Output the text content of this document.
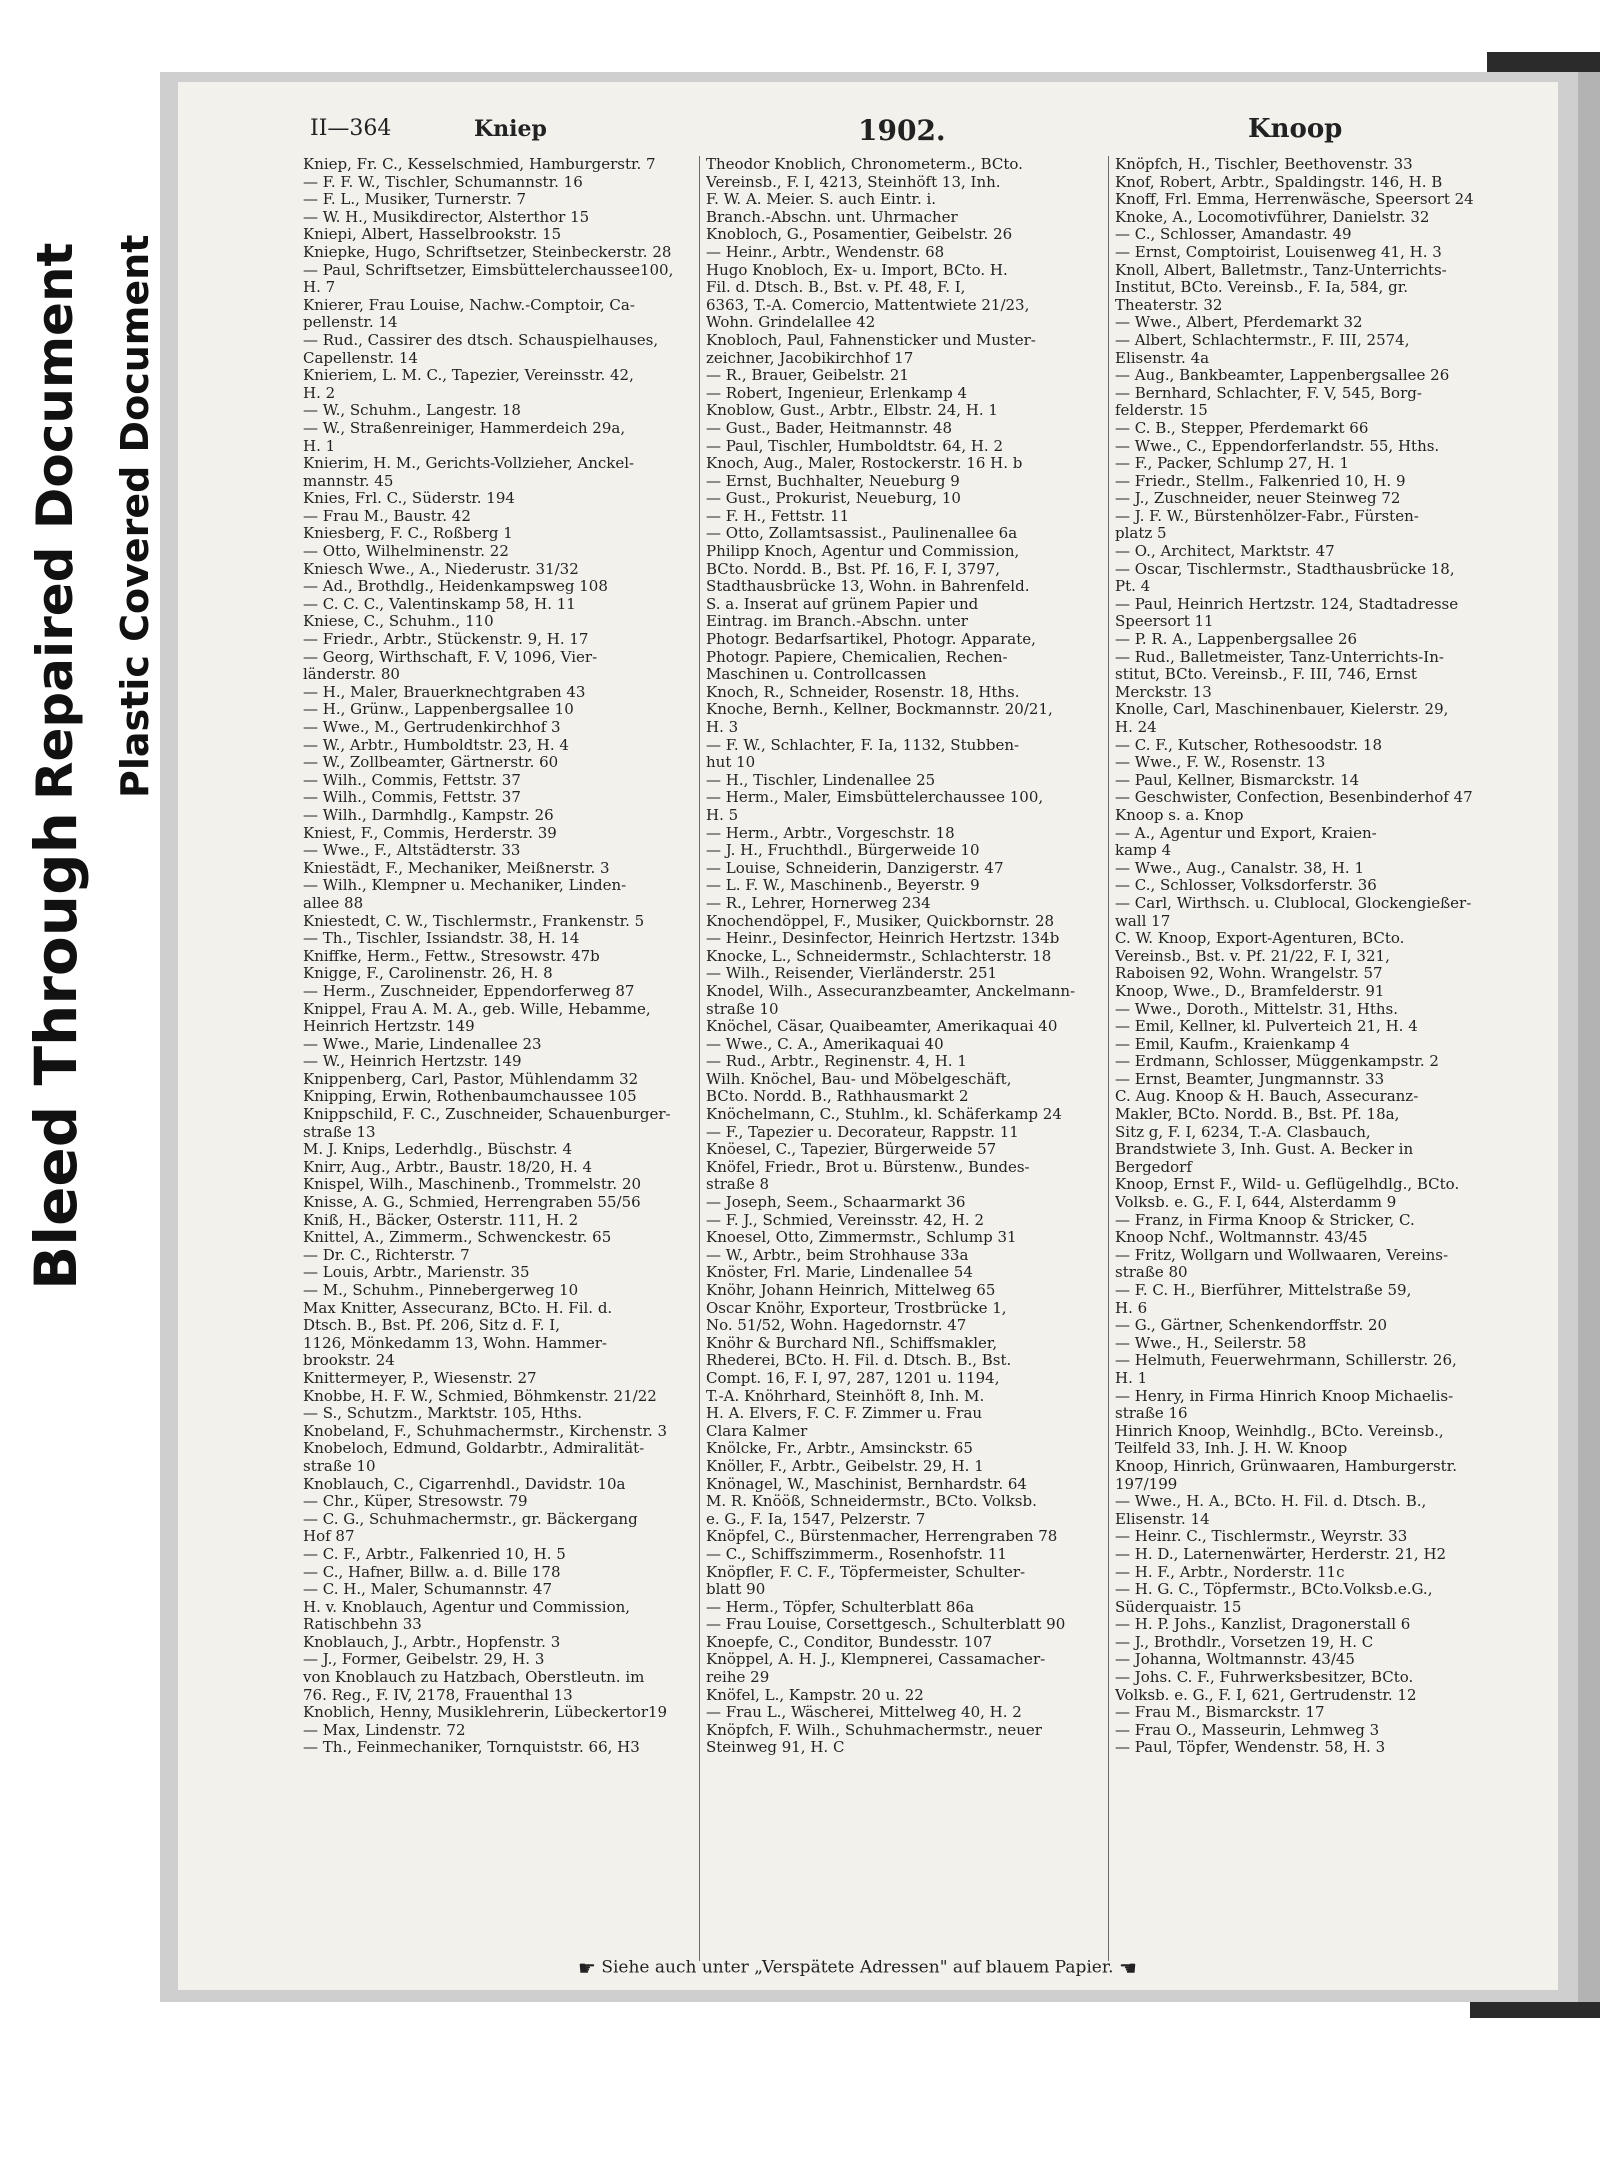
Bleed Through
Repaired Document Plastic Covered Document
II—364	Kniep	1902.	Knoop
Kniep, Fr. C., Kesselschmied, Hamburgerstr. 7
— F. F. W., Tischler, Schumannstr. 16
— F. L., Musiker, Turnerstr. 7
— W. H., Musikdirector, Alsterthor 15
Kniepi, Albert, Hasselbrookstr. 15
Kniepke, Hugo, Schriftsetzer, Steinbeckerstr. 28
— Paul, Schriftsetzer, Eimsbüttelerchaussee100,
H. 7
Knierer, Frau Louise, Nachw.-Comptoir, Ca-
pellenstr. 14
— Rud., Cassirer des dtsch. Schauspielhauses,
Capellenstr. 14
Knieriem, L. M. C., Tapezier, Vereinsstr. 42,
H. 2
— W., Schuhm., Langestr. 18
— W., Straßenreiniger, Hammerdeich 29a,
H. 1
Knierim, H. M., Gerichts-Vollzieher, Anckel-
mannstr. 45
Knies, Frl. C., Süderstr. 194
— Frau M., Baustr. 42
Kniesberg, F. C., Roßberg 1
— Otto, Wilhelminenstr. 22
Kniesch Wwe., A., Niederustr. 31/32
— Ad., Brothdlg., Heidenkampsweg 108
— C. C. C., Valentinskamp 58, H. 11
Kniese, C., Schuhm., 110
— Friedr., Arbtr., Stückenstr. 9, H. 17
— Georg, Wirthschaft, F. V, 1096, Vier-
länderstr. 80
— H., Maler, Brauerknechtgraben 43
— H., Grünw., Lappenbergsallee 10
— Wwe., M., Gertrudenkirchhof 3
— W., Arbtr., Humboldtstr. 23, H. 4
— W., Zollbeamter, Gärtnerstr. 60
— Wilh., Commis, Fettstr. 37
— Wilh., Commis, Fettstr. 37
— Wilh., Darmhdlg., Kampstr. 26
Kniest, F., Commis, Herderstr. 39
— Wwe., F., Altstädterstr. 33
Kniestädt, F., Mechaniker, Meißnerstr. 3
— Wilh., Klempner u. Mechaniker, Linden-
allee 88
Kniestedt, C. W., Tischlermstr., Frankenstr. 5
— Th., Tischler, Issiandstr. 38, H. 14
Kniffke, Herm., Fettw., Stresowstr. 47b
Knigge, F., Carolinenstr. 26, H. 8
— Herm., Zuschneider, Eppendorferweg 87
Knippel, Frau A. M. A., geb. Wille, Hebamme,
Heinrich Hertzstr. 149
— Wwe., Marie, Lindenallee 23
— W., Heinrich Hertzstr. 149
Knippenberg, Carl, Pastor, Mühlendamm 32
Knipping, Erwin, Rothenbaumchaussee 105
Knippschild, F. C., Zuschneider, Schauenburger-
straße 13
M. J. Knips, Lederhdlg., Büschstr. 4
Knirr, Aug., Arbtr., Baustr. 18/20, H. 4
Knispel, Wilh., Maschinenb., Trommelstr. 20
Knisse, A. G., Schmied, Herrengraben 55/56
Kniß, H., Bäcker, Osterstr. 111, H. 2
Knittel, A., Zimmerm., Schwenckestr. 65
— Dr. C., Richterstr. 7
— Louis, Arbtr., Marienstr. 35
— M., Schuhm., Pinnebergerweg 10
Max Knitter, Assecuranz, BCto. H. Fil. d.
Dtsch. B., Bst. Pf. 206, Sitz d. F. I,
1126, Mönkedamm 13, Wohn. Hammer-
brookstr. 24
Knittermeyer, P., Wiesenstr. 27
Knobbe, H. F. W., Schmied, Böhmkenstr. 21/22
— S., Schutzm., Marktstr. 105, Hths.
Knobeland, F., Schuhmachermstr., Kirchenstr. 3
Knobeloch, Edmund, Goldarbtr., Admiralität-
straße 10
Knoblauch, C., Cigarrenhdl., Davidstr. 10a
— Chr., Küper, Stresowstr. 79
— C. G., Schuhmachermstr., gr. Bäckergang
Hof 87
— C. F., Arbtr., Falkenried 10, H. 5
— C., Hafner, Billw. a. d. Bille 178
— C. H., Maler, Schumannstr. 47
H. v. Knoblauch, Agentur und Commission,
Ratischbehn 33
Knoblauch, J., Arbtr., Hopfenstr. 3
— J., Former, Geibelstr. 29, H. 3
von Knoblauch zu Hatzbach, Oberstleutn. im
76. Reg., F. IV, 2178, Frauenthal 13
Knoblich, Henny, Musiklehrerin, Lübeckertor19
— Max, Lindenstr. 72
— Th., Feinmechaniker, Tornquiststr. 66, H3
Theodor Knoblich, Chronometerm., BCto.
Vereinsb., F. I, 4213, Steinhöft 13, Inh.
F. W. A. Meier. S. auch Eintr. i.
Branch.-Abschn. unt. Uhrmacher
Knobloch, G., Posamentier, Geibelstr. 26
— Heinr., Arbtr., Wendenstr. 68
Hugo Knobloch, Ex- u. Import, BCto. H.
Fil. d. Dtsch. B., Bst. v. Pf. 48, F. I,
6363, T.-A. Comercio, Mattentwiete 21/23,
Wohn. Grindelallee 42
Knobloch, Paul, Fahnensticker und Muster-
zeichner, Jacobikirchhof 17
— R., Brauer, Geibelstr. 21
— Robert, Ingenieur, Erlenkamp 4
Knoblow, Gust., Arbtr., Elbstr. 24, H. 1
— Gust., Bader, Heitmannstr. 48
— Paul, Tischler, Humboldtstr. 64, H. 2
Knoch, Aug., Maler, Rostockerstr. 16 H. b
— Ernst, Buchhalter, Neueburg 9
— Gust., Prokurist, Neueburg, 10
— F. H., Fettstr. 11
— Otto, Zollamtsassist., Paulinenallee 6a
Philipp Knoch, Agentur und Commission,
BCto. Nordd. B., Bst. Pf. 16, F. I, 3797,
Stadthausbrücke 13, Wohn. in Bahrenfeld.
S. a. Inserat auf grünem Papier und
Eintrag. im Branch.-Abschn. unter
Photogr. Bedarfsartikel, Photogr. Apparate,
Photogr. Papiere, Chemicalien, Rechen-
Maschinen u. Controllcassen
Knoch, R., Schneider, Rosenstr. 18, Hths.
Knoche, Bernh., Kellner, Bockmannstr. 20/21,
H. 3
— F. W., Schlachter, F. Ia, 1132, Stubben-
hut 10
— H., Tischler, Lindenallee 25
— Herm., Maler, Eimsbüttelerchaussee 100,
H. 5
— Herm., Arbtr., Vorgeschstr. 18
— J. H., Fruchthdl., Bürgerweide 10
— Louise, Schneiderin, Danzigerstr. 47
— L. F. W., Maschinenb., Beyerstr. 9
— R., Lehrer, Hornerweg 234
Knochendöppel, F., Musiker, Quickbornstr. 28
— Heinr., Desinfector, Heinrich Hertzstr. 134b
Knocke, L., Schneidermstr., Schlachterstr. 18
— Wilh., Reisender, Vierländerstr. 251
Knodel, Wilh., Assecuranzbeamter, Anckelmann-
straße 10
Knöchel, Cäsar, Quaibeamter, Amerikaquai 40
— Wwe., C. A., Amerikaquai 40
— Rud., Arbtr., Reginenstr. 4, H. 1
Wilh. Knöchel, Bau- und Möbelgeschäft,
BCto. Nordd. B., Rathhausmarkt 2
Knöchelmann, C., Stuhlm., kl. Schäferkamp 24
— F., Tapezier u. Decorateur, Rappstr. 11
Knöesel, C., Tapezier, Bürgerweide 57
Knöfel, Friedr., Brot u. Bürstenw., Bundes-
straße 8
— Joseph, Seem., Schaarmarkt 36
— F. J., Schmied, Vereinsstr. 42, H. 2
Knoesel, Otto, Zimmermstr., Schlump 31
— W., Arbtr., beim Strohhause 33a
Knöster, Frl. Marie, Lindenallee 54
Knöhr, Johann Heinrich, Mittelweg 65
Oscar Knöhr, Exporteur, Trostbrücke 1,
No. 51/52, Wohn. Hagedornstr. 47
Knöhr & Burchard Nfl., Schiffsmakler,
Rhederei, BCto. H. Fil. d. Dtsch. B., Bst.
Compt. 16, F. I, 97, 287, 1201 u. 1194,
T.-A. Knöhrhard, Steinhöft 8, Inh. M.
H. A. Elvers, F. C. F. Zimmer u. Frau
Clara Kalmer
Knölcke, Fr., Arbtr., Amsinckstr. 65
Knöller, F., Arbtr., Geibelstr. 29, H. 1
Knönagel, W., Maschinist, Bernhardstr. 64
M. R. Knööß, Schneidermstr., BCto. Volksb.
e. G., F. Ia, 1547, Pelzerstr. 7
Knöpfel, C., Bürstenmacher, Herrengraben 78
— C., Schiffszimmerm., Rosenhofstr. 11
Knöpfler, F. C. F., Töpfermeister, Schulter-
blatt 90
— Herm., Töpfer, Schulterblatt 86a
— Frau Louise, Corsettgesch., Schulterblatt 90
Knoepfe, C., Conditor, Bundesstr. 107
Knöppel, A. H. J., Klempnerei, Cassamacher-
reihe 29
Knöfel, L., Kampstr. 20 u. 22
— Frau L., Wäscherei, Mittelweg 40, H. 2
Knöpfch, F. Wilh., Schuhmachermstr., neuer
Steinweg 91, H. C
Knöpfch, H., Tischler, Beethovenstr. 33
Knof, Robert, Arbtr., Spaldingstr. 146, H. B
Knoff, Frl. Emma, Herrenwäsche, Speersort 24
Knoke, A., Locomotivführer, Danielstr. 32
— C., Schlosser, Amandastr. 49
— Ernst, Comptoirist, Louisenweg 41, H. 3
Knoll, Albert, Balletmstr., Tanz-Unterrichts-
Institut, BCto. Vereinsb., F. Ia, 584, gr.
Theaterstr. 32
— Wwe., Albert, Pferdemarkt 32
— Albert, Schlachtermstr., F. III, 2574,
Elisenstr. 4a
— Aug., Bankbeamter, Lappenbergsallee 26
— Bernhard, Schlachter, F. V, 545, Borg-
felderstr. 15
— C. B., Stepper, Pferdemarkt 66
— Wwe., C., Eppendorferlandstr. 55, Hths.
— F., Packer, Schlump 27, H. 1
— Friedr., Stellm., Falkenried 10, H. 9
— J., Zuschneider, neuer Steinweg 72
— J. F. W., Bürstenhölzer-Fabr., Fürsten-
platz 5
— O., Architect, Marktstr. 47
— Oscar, Tischlermstr., Stadthausbrücke 18,
Pt. 4
— Paul, Heinrich Hertzstr. 124, Stadtadresse
Speersort 11
— P. R. A., Lappenbergsallee 26
— Rud., Balletmeister, Tanz-Unterrichts-In-
stitut, BCto. Vereinsb., F. III, 746, Ernst
Merckstr. 13
Knolle, Carl, Maschinenbauer, Kielerstr. 29,
H. 24
— C. F., Kutscher, Rothesoodstr. 18
— Wwe., F. W., Rosenstr. 13
— Paul, Kellner, Bismarckstr. 14
— Geschwister, Confection, Besenbinderhof 47
Knoop s. a. Knop
— A., Agentur und Export, Kraien-
kamp 4
— Wwe., Aug., Canalstr. 38, H. 1
— C., Schlosser, Volksdorferstr. 36
— Carl, Wirthsch. u. Clublocal, Glockengießer-
wall 17
C. W. Knoop, Export-Agenturen, BCto.
Vereinsb., Bst. v. Pf. 21/22, F. I, 321,
Raboisen 92, Wohn. Wrangelstr. 57
Knoop, Wwe., D., Bramfelderstr. 91
— Wwe., Doroth., Mittelstr. 31, Hths.
— Emil, Kellner, kl. Pulverteich 21, H. 4
— Emil, Kaufm., Kraienkamp 4
— Erdmann, Schlosser, Müggenkampstr. 2
— Ernst, Beamter, Jungmannstr. 33
C. Aug. Knoop & H. Bauch, Assecuranz-
Makler, BCto. Nordd. B., Bst. Pf. 18a,
Sitz g, F. I, 6234, T.-A. Clasbauch,
Brandstwiete 3, Inh. Gust. A. Becker in
Bergedorf
Knoop, Ernst F., Wild- u. Geflügelhdlg., BCto.
Volksb. e. G., F. I, 644, Alsterdamm 9
— Franz, in Firma Knoop & Stricker, C.
Knoop Nchf., Woltmannstr. 43/45
— Fritz, Wollgarn und Wollwaaren, Vereins-
straße 80
— F. C. H., Bierführer, Mittelstraße 59,
H. 6
— G., Gärtner, Schenkendorffstr. 20
— Wwe., H., Seilerstr. 58
— Helmuth, Feuerwehrmann, Schillerstr. 26,
H. 1
— Henry, in Firma Hinrich Knoop Michaelis-
straße 16
Hinrich Knoop, Weinhdlg., BCto. Vereinsb.,
Teilfeld 33, Inh. J. H. W. Knoop
Knoop, Hinrich, Grünwaaren, Hamburgerstr.
197/199
— Wwe., H. A., BCto. H. Fil. d. Dtsch. B.,
Elisenstr. 14
— Heinr. C., Tischlermstr., Weyrstr. 33
— H. D., Laternenwärter, Herderstr. 21, H2
— H. F., Arbtr., Norderstr. 11c
— H. G. C., Töpfermstr., BCto.Volksb.e.G.,
Süderquaistr. 15
— H. P. Johs., Kanzlist, Dragonerstall 6
— J., Brothdlr., Vorsetzen 19, H. C
— Johanna, Woltmannstr. 43/45
— Johs. C. F., Fuhrwerksbesitzer, BCto.
Volksb. e. G., F. I, 621, Gertrudenstr. 12
— Frau M., Bismarckstr. 17
— Frau O., Masseurin, Lehmweg 3
— Paul, Töpfer, Wendenstr. 58, H. 3
☛ Siehe auch unter „Verspätete Adressen" auf blauem Papier. ☚
